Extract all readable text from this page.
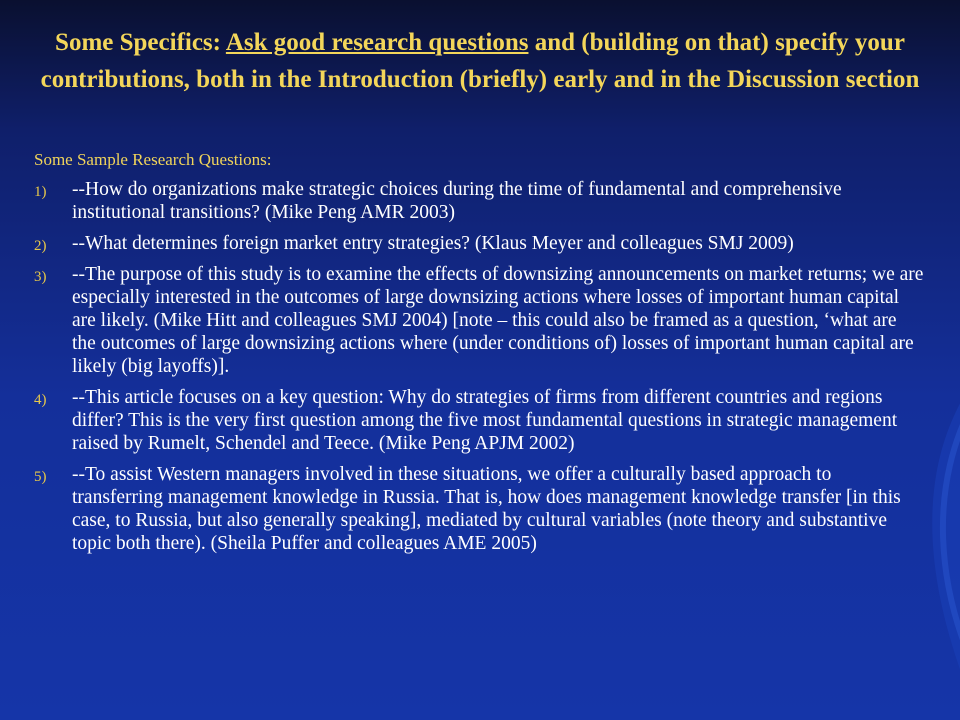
Some Specifics: Ask good research questions and (building on that) specify your contributions, both in the Introduction (briefly) early and in the Discussion section
Some Sample Research Questions:
1) --How do organizations make strategic choices during the time of fundamental and comprehensive institutional transitions? (Mike Peng AMR 2003)
2) --What determines foreign market entry strategies? (Klaus Meyer and colleagues SMJ 2009)
3) --The purpose of this study is to examine the effects of downsizing announcements on market returns; we are especially interested in the outcomes of large downsizing actions where losses of important human capital are likely. (Mike Hitt and colleagues SMJ 2004) [note – this could also be framed as a question, ‘what are the outcomes of large downsizing actions where (under conditions of) losses of important human capital are likely (big layoffs)].
4) --This article focuses on a key question: Why do strategies of firms from different countries and regions differ? This is the very first question among the five most fundamental questions in strategic management raised by Rumelt, Schendel and Teece. (Mike Peng APJM 2002)
5) --To assist Western managers involved in these situations, we offer a culturally based approach to transferring management knowledge in Russia. That is, how does management knowledge transfer [in this case, to Russia, but also generally speaking], mediated by cultural variables (note theory and substantive topic both there). (Sheila Puffer and colleagues AME 2005)
